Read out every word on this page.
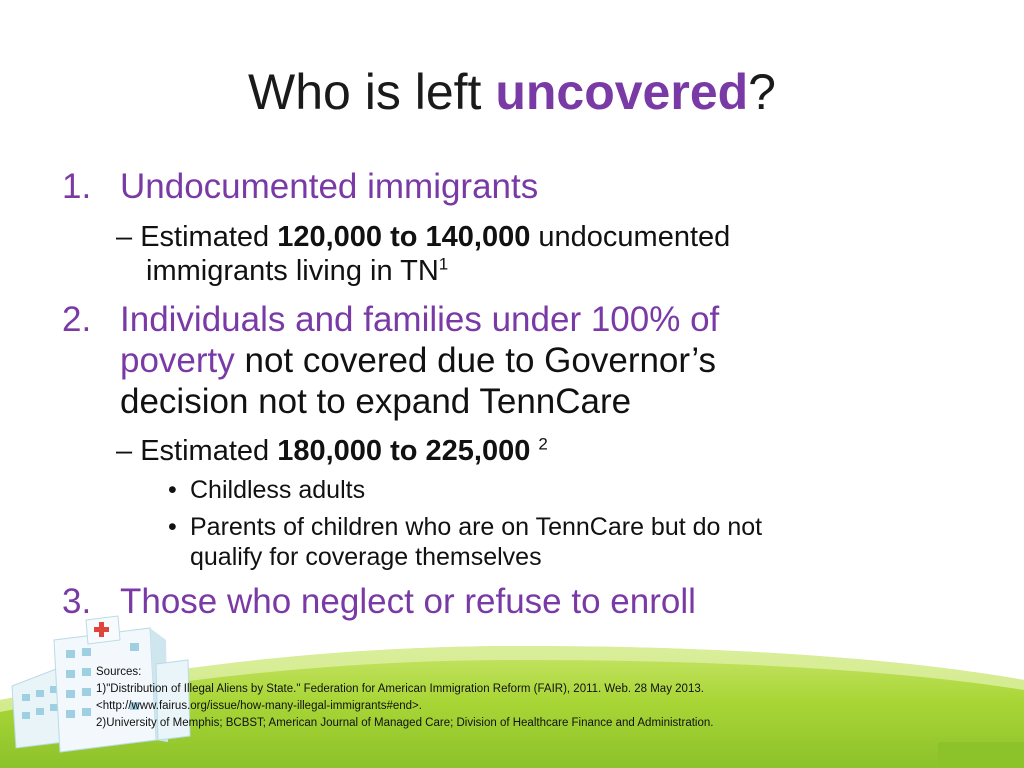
Who is left uncovered?
1. Undocumented immigrants
– Estimated 120,000 to 140,000 undocumented
immigrants living in $TN^1$
2. Individuals and families under 100% of
poverty not covered due to Governor’s
decision not to expand TennCare
– Estimated 180,000 to 225,000 $^2$
• Childless adults
• Parents of children who are on TennCare but do not
qualify for coverage themselves
3. Those who neglect or refuse to enroll
Sources:
1)"Distribution of Illegal Aliens by State." Federation for American Immigration Reform (FAIR), 2011. Web. 28 May 2013.
<http://www.fairus.org/issue/how-many-illegal-immigrants#end>.
2)University of Memphis; BCBST; American Journal of Managed Care; Division of Healthcare Finance and Administration.
